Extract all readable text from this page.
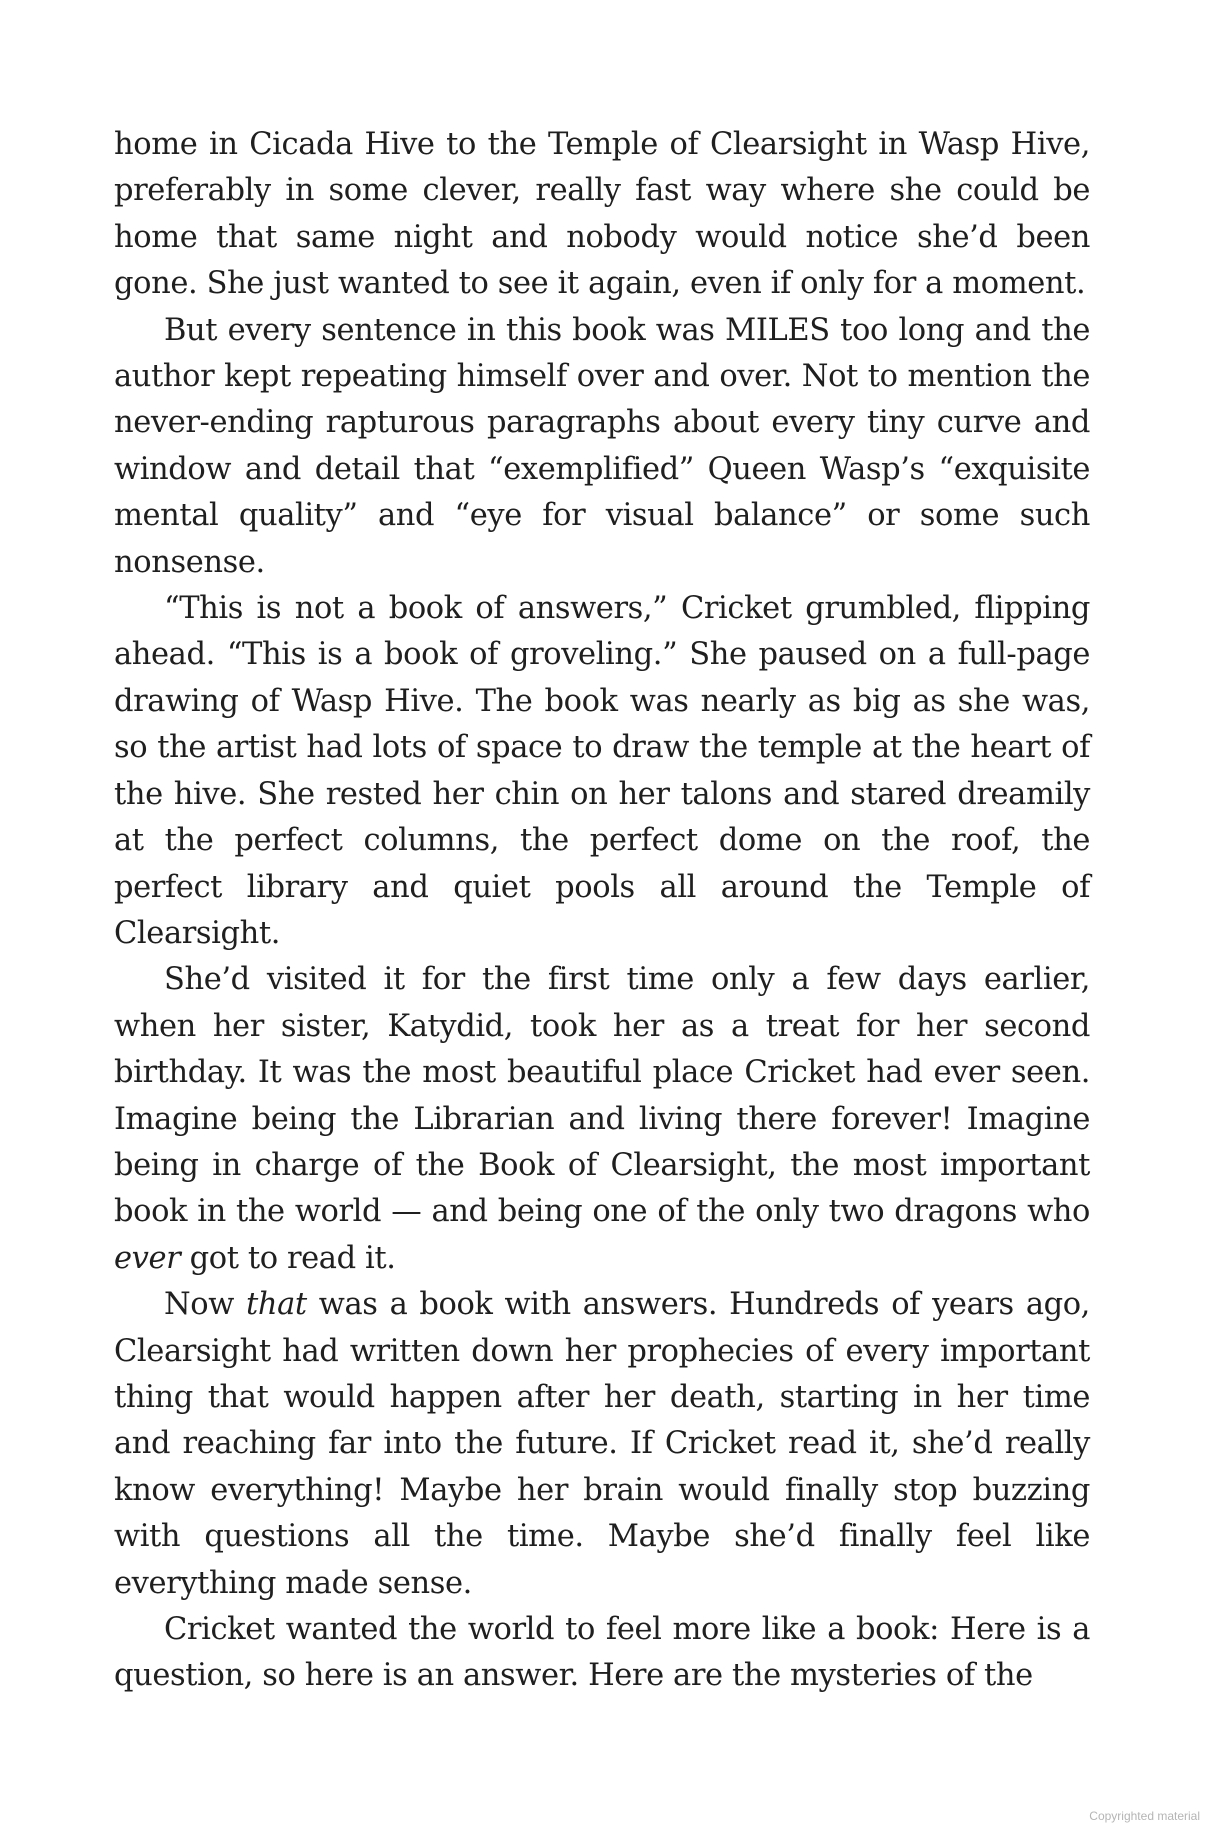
home in Cicada Hive to the Temple of Clearsight in Wasp Hive, preferably in some clever, really fast way where she could be home that same night and nobody would notice she’d been gone. She just wanted to see it again, even if only for a moment.

But every sentence in this book was MILES too long and the author kept repeating himself over and over. Not to mention the never-ending rapturous paragraphs about every tiny curve and window and detail that “exemplified” Queen Wasp’s “exquisite mental quality” and “eye for visual balance” or some such nonsense.

“This is not a book of answers,” Cricket grumbled, flipping ahead. “This is a book of groveling.” She paused on a full-page drawing of Wasp Hive. The book was nearly as big as she was, so the artist had lots of space to draw the temple at the heart of the hive. She rested her chin on her talons and stared dreamily at the perfect columns, the perfect dome on the roof, the perfect library and quiet pools all around the Temple of Clearsight.

She’d visited it for the first time only a few days earlier, when her sister, Katydid, took her as a treat for her second birthday. It was the most beautiful place Cricket had ever seen. Imagine being the Librarian and living there forever! Imagine being in charge of the Book of Clearsight, the most important book in the world — and being one of the only two dragons who ever got to read it.

Now that was a book with answers. Hundreds of years ago, Clearsight had written down her prophecies of every important thing that would happen after her death, starting in her time and reaching far into the future. If Cricket read it, she’d really know everything! Maybe her brain would finally stop buzzing with questions all the time. Maybe she’d finally feel like everything made sense.

Cricket wanted the world to feel more like a book: Here is a question, so here is an answer. Here are the mysteries of the

Copyrighted material
